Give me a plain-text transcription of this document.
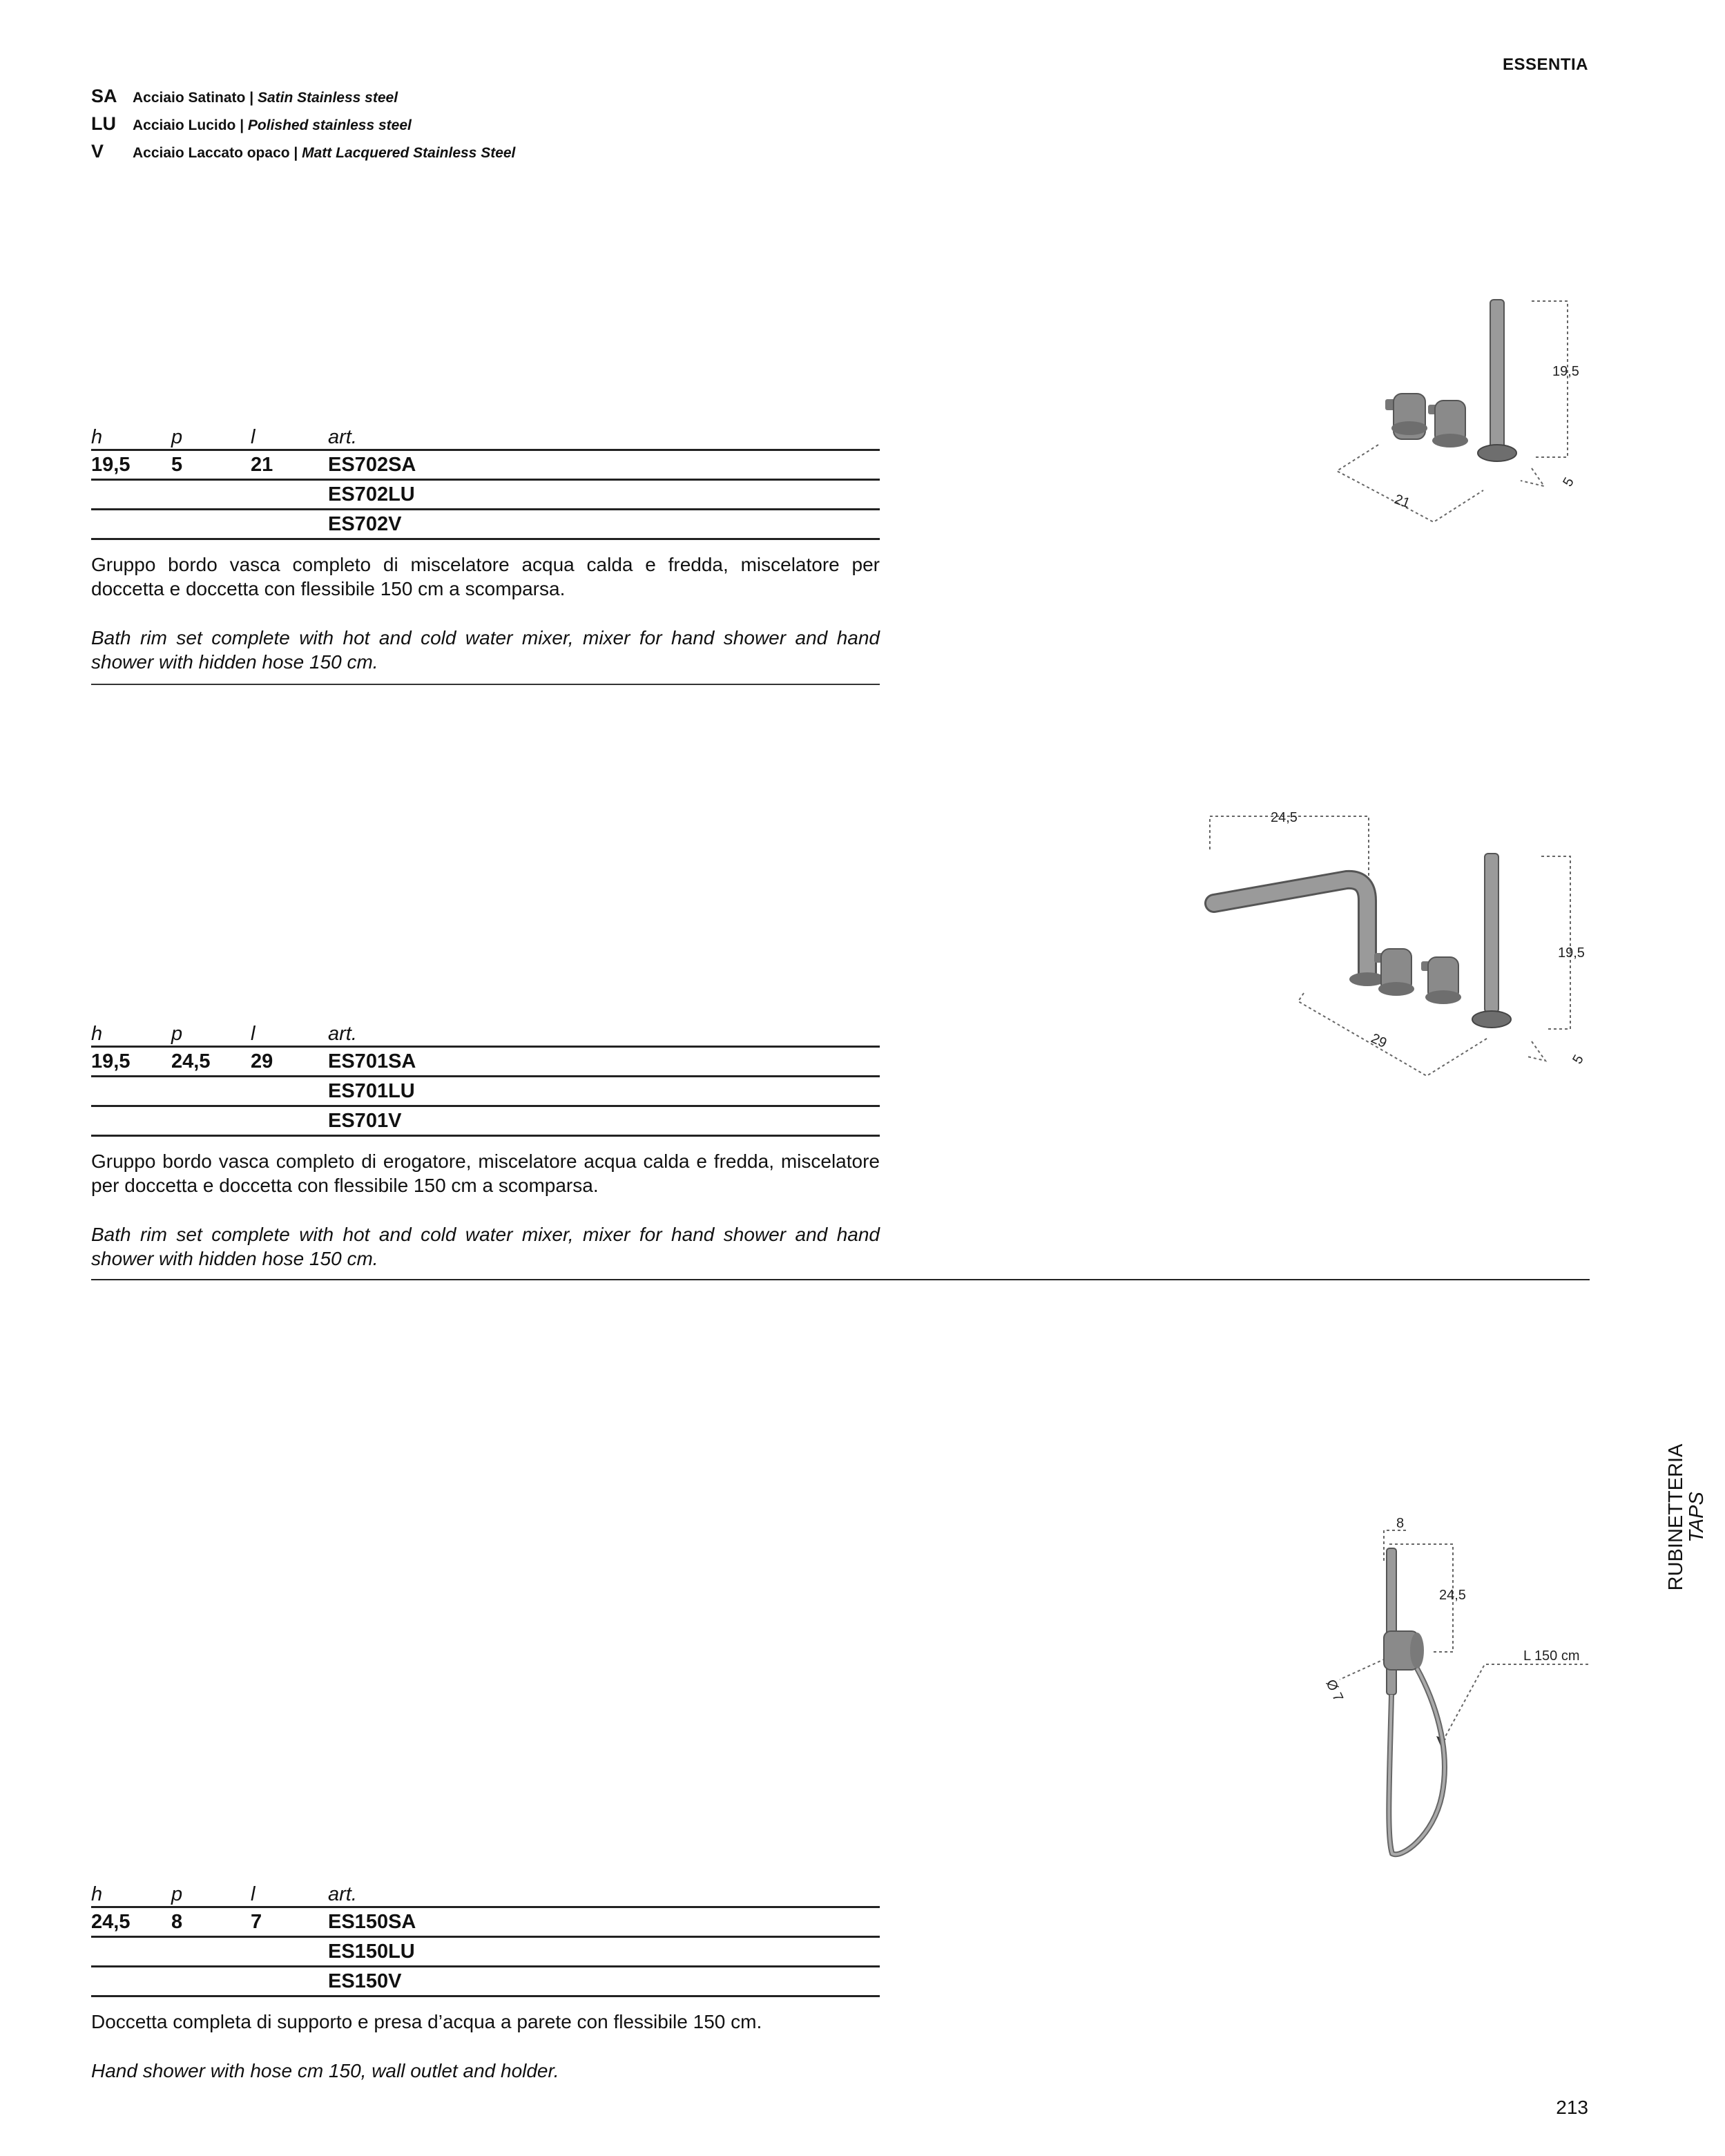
ESSENTIA
SA	Acciaio Satinato | Satin Stainless steel
LU	Acciaio Lucido | Polished stainless steel
V	Acciaio Laccato opaco | Matt Lacquered Stainless Steel
h	p	l	art.
19,5	5	21	ES702SA
			ES702LU
			ES702V

Gruppo bordo vasca completo di miscelatore acqua calda e fredda, miscelatore per doccetta e doccetta con flessibile 150 cm a scomparsa.

Bath rim set complete with hot and cold water mixer, mixer for hand shower and hand shower with hidden hose 150 cm.

h	p	l	art.
19,5	24,5	29	ES701SA
			ES701LU
			ES701V

Gruppo bordo vasca completo di erogatore, miscelatore acqua calda e fredda, miscelatore per doccetta e doccetta con flessibile 150 cm a scomparsa.

Bath rim set complete with hot and cold water mixer, mixer for hand shower and hand shower with hidden hose 150 cm.

h	p	l	art.
24,5	8	7	ES150SA
			ES150LU
			ES150V

Doccetta completa di supporto e presa d’acqua a parete con flessibile 150 cm.

Hand shower with hose cm 150, wall outlet and holder.

19,5
21
5
24,5
19,5
29
5
8
24,5
Ø 7
L 150 cm
RUBINETTERIA
TAPS
213
